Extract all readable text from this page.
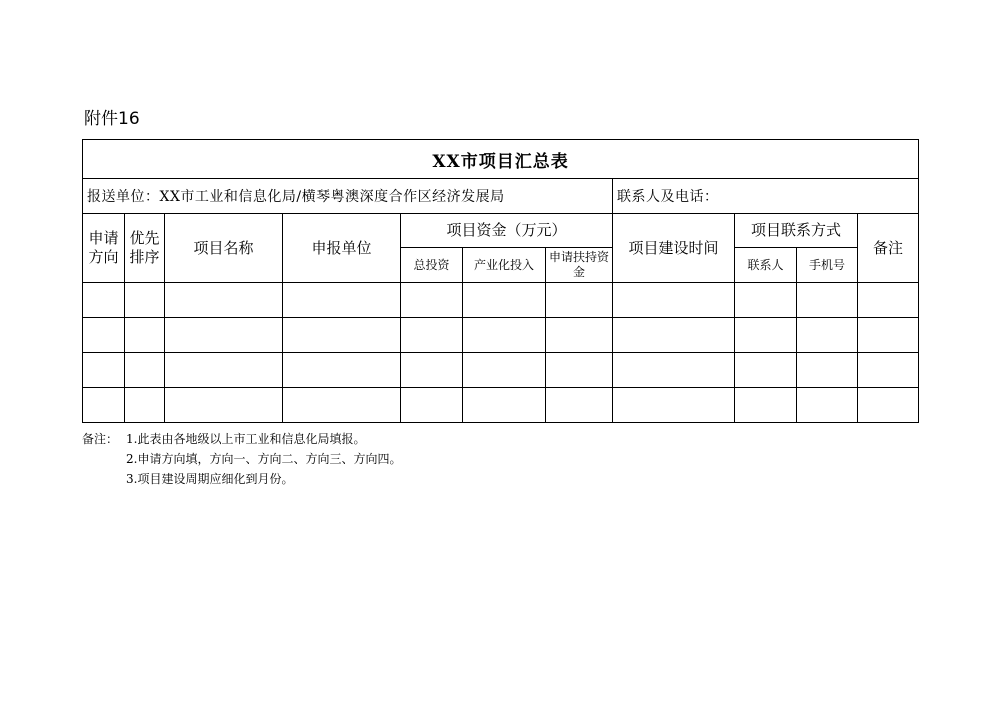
附件16
XX市项目汇总表										
报送单位：XX市工业和信息化局/横琴粤澳深度合作区经济发展局							联系人及电话：			
申请方向	优先排序	项目名称	申报单位	项目资金（万元）			项目建设时间	项目联系方式		备注
				总投资	产业化投入	申请扶持资金		联系人	手机号	

备注： 1.此表由各地级以上市工业和信息化局填报。
2.申请方向填，方向一、方向二、方向三、方向四。
3.项目建设周期应细化到月份。
